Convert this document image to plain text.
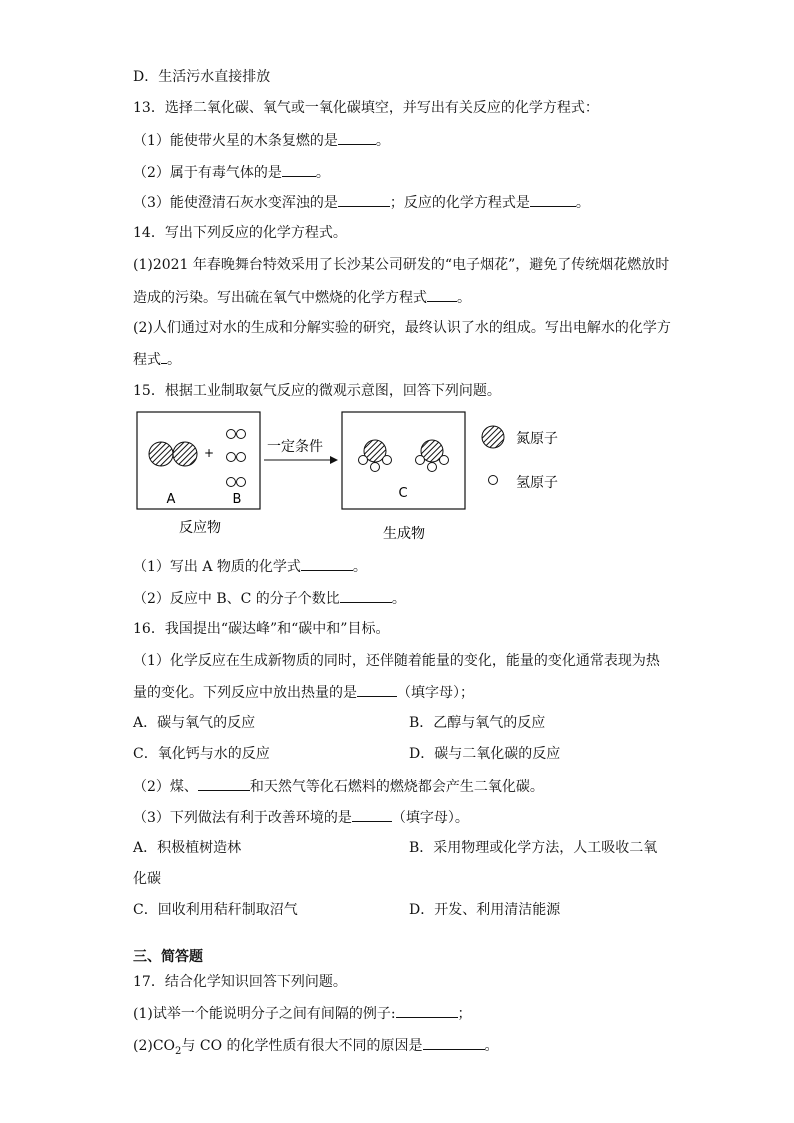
D．生活污水直接排放
13．选择二氧化碳、氧气或一氧化碳填空，并写出有关反应的化学方程式：
（1）能使带火星的木条复燃的是	。
（2）属于有毒气体的是 。
（3）能使澄清石灰水变浑浊的是	；反应的化学方程式是	。
14．写出下列反应的化学方程式。
(1)2021 年春晚舞台特效采用了长沙某公司研发的“电子烟花”，避免了传统烟花燃放时
造成的污染。写出硫在氧气中燃烧的化学方程式 。
(2)人们通过对水的生成和分解实验的研究，最终认识了水的组成。写出电解水的化学方
程式 。
15．根据工业制取氨气反应的微观示意图，回答下列问题。
+
A	B
反应物
一定条件
C
生成物
氮原子
氢原子
（1）写出 A 物质的化学式	。
（2）反应中 B、C 的分子个数比	。
16．我国提出“碳达峰”和“碳中和”目标。
（1）化学反应在生成新物质的同时，还伴随着能量的变化，能量的变化通常表现为热
量的变化。下列反应中放出热量的是	（填字母）；
A．碳与氧气的反应	B．乙醇与氧气的反应
C．氧化钙与水的反应	D．碳与二氧化碳的反应
（2）煤、	和天然气等化石燃料的燃烧都会产生二氧化碳。
（3）下列做法有利于改善环境的是	（填字母）。
A．积极植树造林	B．采用物理或化学方法，人工吸收二氧
化碳
C．回收利用秸秆制取沼气	D．开发、利用清洁能源
三、简答题
17．结合化学知识回答下列问题。
(1)试举一个能说明分子之间有间隔的例子:	；
$(2)CO_2$与 CO 的化学性质有很大不同的原因是	。
